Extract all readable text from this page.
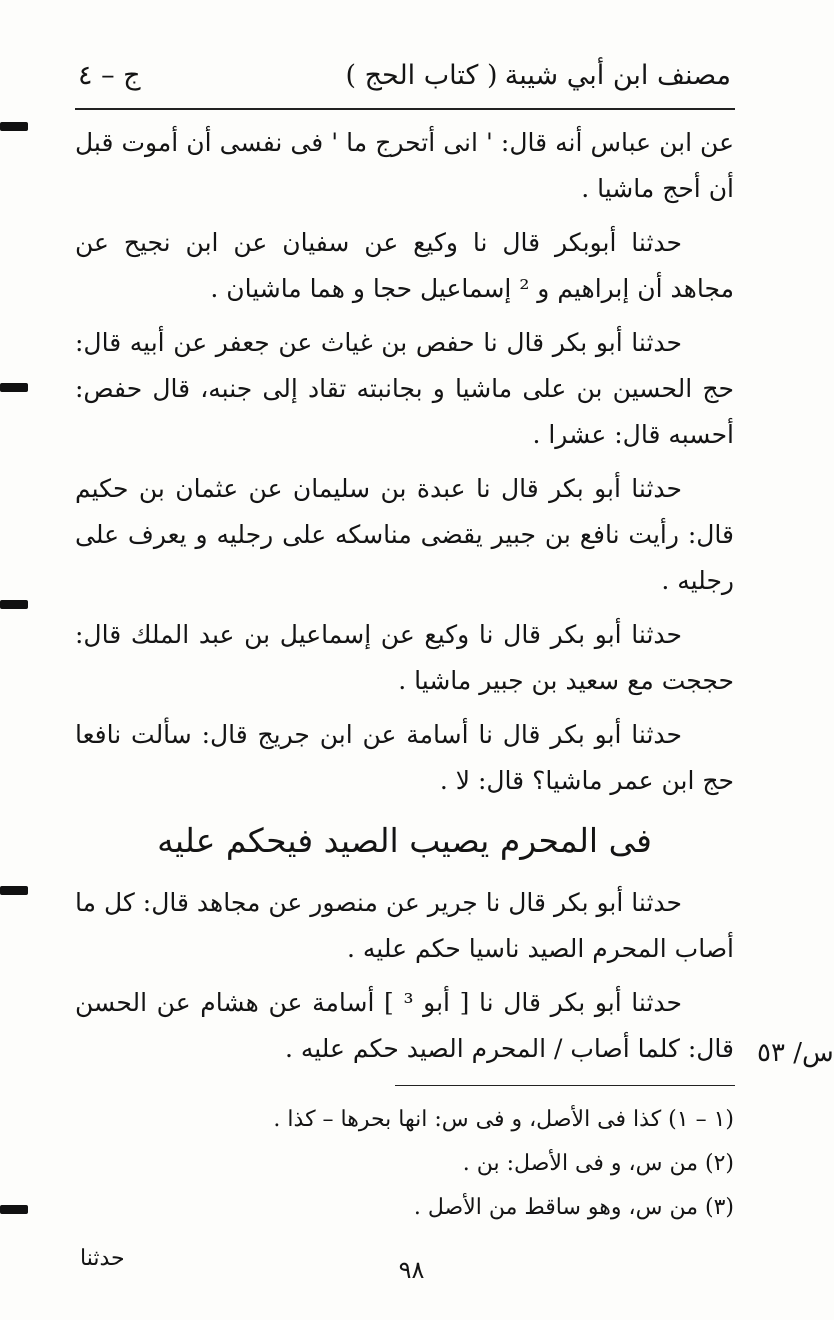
( كتاب الحج ) مصنف ابن أبي شيبة
ج – ٤

عن ابن عباس أنه قال: ' انى أتحرج ما ' فى نفسى أن أموت قبل أن أحج ماشيا .

حدثنا أبوبكر قال نا وكيع عن سفيان عن ابن نجيح عن مجاهد أن إبراهيم و ² إسماعيل حجا و هما ماشيان .

حدثنا أبو بكر قال نا حفص بن غياث عن جعفر عن أبيه قال: حج الحسين بن على ماشيا و بجانبته تقاد إلى جنبه، قال حفص: أحسبه قال: عشرا .

حدثنا أبو بكر قال نا عبدة بن سليمان عن عثمان بن حكيم قال: رأيت نافع بن جبير يقضى مناسكه على رجليه و يعرف على رجليه .

حدثنا أبو بكر قال نا وكيع عن إسماعيل بن عبد الملك قال: حججت مع سعيد بن جبير ماشيا .

حدثنا أبو بكر قال نا أسامة عن ابن جريج قال: سألت نافعا حج ابن عمر ماشيا؟ قال: لا .

فى المحرم يصيب الصيد فيحكم عليه

حدثنا أبو بكر قال نا جرير عن منصور عن مجاهد قال: كل ما أصاب المحرم الصيد ناسيا حكم عليه .

حدثنا أبو بكر قال نا [ أبو ³ ] أسامة عن هشام عن الحسن قال: كلما أصاب / المحرم الصيد حكم عليه . س/ ٥٣
(١ – ١) كذا فى الأصل، و فى س: انها بحرها – كذا .
(٢) من س، و فى الأصل: بن .
(٣) من س، وهو ساقط من الأصل .
حدثنا	٩٨
